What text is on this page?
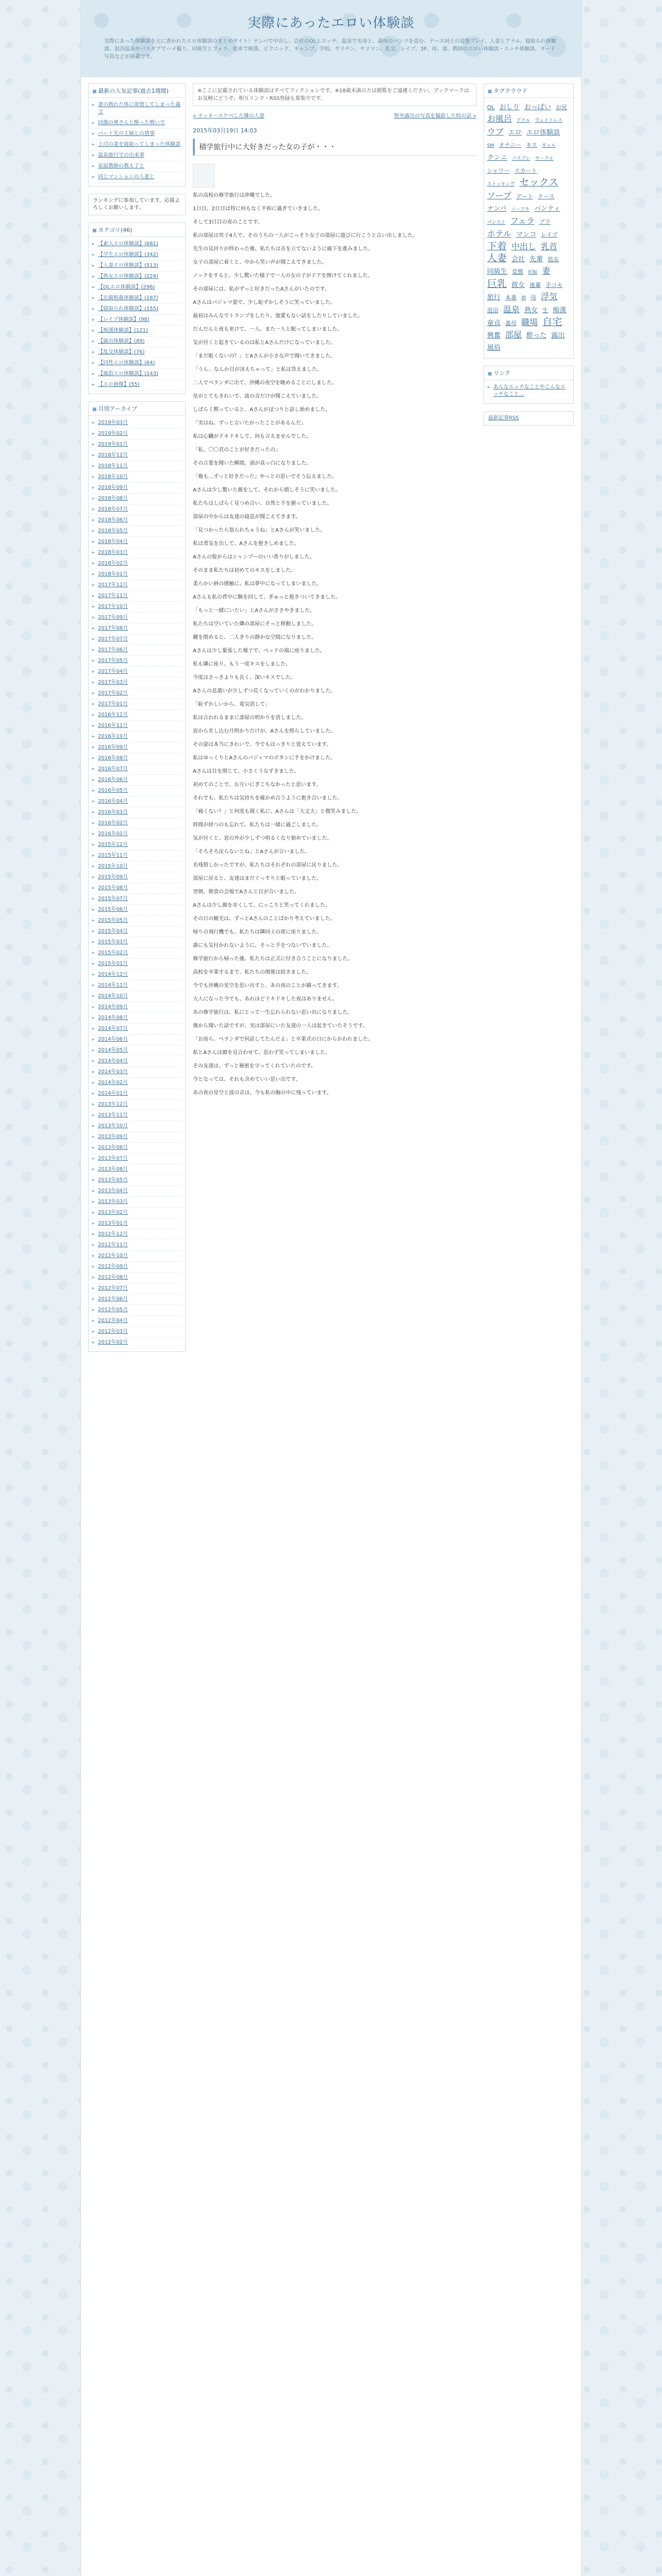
実際にあったエロい体験談
実際にあった体験談を元に書かれたエロ体験談のまとめサイト！ナンパで中出し、会社のOLとエッチ、温泉で実母と、義母のパンツを盗む、ナース同士の変態プレイ、人妻とアナル、寝取られ体験談、混浴温泉やバスタブでハメ撮り、同級生とフェラ、電車で痴漢、ピクニック、キャンプ、学校、ヤリチン、ヤリマン、乱交、レイプ、3P、母、妻、教師のエロい体験談・エッチ体験談、ヌード写真などが満載です。
■ 最新の人気記事(過去1週間)
▸ 妻の熟れた体に欲情してしまった義父
▸ 同僚の奥さんと酔った勢いで
▸ パート先の主婦との情事
▸ 上司の妻を寝取ってしまった体験談
▸ 温泉旅行での出来事
▸ 家庭教師の教え子と
▸ 同じマンションの人妻と
ランキングに参加しています。応援よろしくお願いします。
■ カテゴリ(46)
▸ 【素人エロ体験談】(681)
▸ 【学生エロ体験談】(342)
▸ 【人妻エロ体験談】(513)
▸ 【熟女エロ体験談】(224)
▸ 【OLエロ体験談】(296)
▸ 【近親相姦体験談】(187)
▸ 【寝取られ体験談】(155)
▸ 【レイプ体験談】(98)
▸ 【痴漢体験談】(121)
▸ 【露出体験談】(89)
▸ 【乱交体験談】(76)
▸ 【同性エロ体験談】(64)
▸ 【風俗エロ体験談】(143)
▸ 【エロ画像】(55)
■ 月別アーカイブ
▸ 2019年03月
▸ 2019年02月
▸ 2019年01月
▸ 2018年12月
▸ 2018年11月
▸ 2018年10月
▸ 2018年09月
▸ 2018年08月
▸ 2018年07月
▸ 2018年06月
▸ 2018年05月
▸ 2018年04月
▸ 2018年03月
▸ 2018年02月
▸ 2018年01月
▸ 2017年12月
▸ 2017年11月
▸ 2017年10月
▸ 2017年09月
▸ 2017年08月
▸ 2017年07月
▸ 2017年06月
▸ 2017年05月
▸ 2017年04月
▸ 2017年03月
▸ 2017年02月
▸ 2017年01月
▸ 2016年12月
▸ 2016年11月
▸ 2016年10月
▸ 2016年09月
▸ 2016年08月
▸ 2016年07月
▸ 2016年06月
▸ 2016年05月
▸ 2016年04月
▸ 2016年03月
▸ 2016年02月
▸ 2016年01月
▸ 2015年12月
▸ 2015年11月
▸ 2015年10月
▸ 2015年09月
▸ 2015年08月
▸ 2015年07月
▸ 2015年06月
▸ 2015年05月
▸ 2015年04月
▸ 2015年03月
▸ 2015年02月
▸ 2015年01月
▸ 2014年12月
▸ 2014年11月
▸ 2014年10月
▸ 2014年09月
▸ 2014年08月
▸ 2014年07月
▸ 2014年06月
▸ 2014年05月
▸ 2014年04月
▸ 2014年03月
▸ 2014年02月
▸ 2014年01月
▸ 2013年12月
▸ 2013年11月
▸ 2013年10月
▸ 2013年09月
▸ 2013年08月
▸ 2013年07月
▸ 2013年06月
▸ 2013年05月
▸ 2013年04月
▸ 2013年03月
▸ 2013年02月
▸ 2013年01月
▸ 2012年12月
▸ 2012年11月
▸ 2012年10月
▸ 2012年09月
▸ 2012年08月
▸ 2012年07月
▸ 2012年06月
▸ 2012年05月
▸ 2012年04月
▸ 2012年03月
▸ 2012年02月
※ここに記載されている体験談はすべてフィクションです。※18歳未満の方は閲覧をご遠慮ください。ブックマークはお気軽にどうぞ。相互リンク・RSS登録も募集中です。
« ラッキースケベした隣の人妻	野外露出の写真を撮影した時の話 »
2015年03月19日 14:03
積学旅行中に大好きだった女の子が・・・

私の高校の修学旅行は沖縄でした。

1日目、2日目は特に何もなく平和に過ぎていきました。

そして3日目の夜のことです。

私の部屋は男子4人で、そのうちの一人がこっそり女子の部屋に遊びに行こうと言い出しました。

先生の見回りが終わった後、私たちは音を立てないように廊下を進みました。

女子の部屋に着くと、中から笑い声が聞こえてきました。

ノックをすると、少し驚いた様子で一人の女の子がドアを開けてくれました。

その部屋には、私がずっと好きだったAさんがいたのです。

Aさんはパジャマ姿で、少し恥ずかしそうに笑っていました。

最初はみんなでトランプをしたり、他愛もない話をしたりしていました。

だんだんと夜も更けて、一人、また一人と眠ってしまいました。

気が付くと起きているのは私とAさんだけになっていました。

「まだ眠くないの？」とAさんが小さな声で聞いてきました。

「うん、なんか目が冴えちゃって」と私は答えました。

二人でベランダに出て、沖縄の夜空を眺めることにしました。

星がとてもきれいで、波の音だけが聞こえていました。

しばらく黙っていると、Aさんがぽつりと話し始めました。

「実はね、ずっと言いたかったことがあるんだ」

私は心臓がドキドキして、何も言えませんでした。

「私、〇〇君のことが好きだったの」

その言葉を聞いた瞬間、頭が真っ白になりました。

「俺も…ずっと好きだった」やっとの思いでそう伝えました。

Aさんは少し驚いた顔をして、それから嬉しそうに笑いました。

私たちはしばらく見つめ合い、自然と手を握っていました。

部屋の中からは友達の寝息が聞こえてきます。

「見つかったら怒られちゃうね」とAさんが笑いました。

私は勇気を出して、Aさんを抱きしめました。

Aさんの髪からはシャンプーのいい香りがしました。

そのまま私たちは初めてのキスをしました。

柔らかい唇の感触に、私は夢中になってしまいました。

Aさんも私の背中に腕を回して、ぎゅっと抱きついてきました。

「もっと一緒にいたい」とAさんがささやきました。

私たちは空いていた隣の部屋にそっと移動しました。

鍵を閉めると、二人きりの静かな空間になりました。

Aさんは少し緊張した様子で、ベッドの端に座りました。

私も隣に座り、もう一度キスをしました。

今度はさっきよりも長く、深いキスでした。

Aさんの息遣いが少しずつ荒くなっていくのがわかりました。

「恥ずかしいから、電気消して」

私は言われるままに部屋の明かりを消しました。

窓から差し込む月明かりだけが、Aさんを照らしていました。

その姿は本当にきれいで、今でもはっきりと覚えています。

私はゆっくりとAさんのパジャマのボタンに手をかけました。

Aさんは目を閉じて、小さくうなずきました。

初めてのことで、お互いにぎこちなかったと思います。

それでも、私たちは気持ちを確かめ合うように抱き合いました。

「痛くない？」と何度も聞く私に、Aさんは「大丈夫」と微笑みました。

時間が経つのも忘れて、私たちは一緒に過ごしました。

気が付くと、窓の外が少しずつ明るくなり始めていました。

「そろそろ戻らないとね」とAさんが言いました。

名残惜しかったですが、私たちはそれぞれの部屋に戻りました。

部屋に戻ると、友達はまだぐっすりと眠っていました。

翌朝、朝食の会場でAさんと目が合いました。

Aさんは少し顔を赤くして、にっこりと笑ってくれました。

その日の観光は、ずっとAさんのことばかり考えていました。

帰りの飛行機でも、私たちは隣同士の席に座りました。

誰にも気付かれないように、そっと手をつないでいました。

修学旅行から帰った後、私たちは正式に付き合うことになりました。

高校を卒業するまで、私たちの関係は続きました。

今でも沖縄の星空を思い出すと、あの夜のことが蘇ってきます。

大人になった今でも、あれほどドキドキした夜はありません。

あの修学旅行は、私にとって一生忘れられない思い出になりました。

後から聞いた話ですが、実は部屋にいた友達の一人は起きていたそうです。

「お前ら、ベランダで何話してたんだよ」と卒業式の日にからかわれました。

私とAさんは顔を見合わせて、思わず笑ってしまいました。

その友達は、ずっと秘密を守ってくれていたのです。

今となっては、それも含めていい思い出です。

あの夜の星空と波の音は、今も私の胸の中に残っています。

■ タグクラウド
OL おしり おっぱい お尻 お風呂 アナル ウェイトレス ウブ エロ エロ体験談 SM オナニー キス ギャル クンニ コスプレ サークル シャワー スカート ストッキング セックス ソープ デート ナース ナンパ ノーブラ パンティ パンスト フェラ ブラ ホテル マンコ レイプ 下着 中出し 乳首 人妻 会社 先輩 処女 同級生 変態 妊娠 妻 巨乳 彼女 後輩 手コキ 旅行 本番 朝 母 浮気 混浴 温泉 熟女 生 痴漢 童貞 義母 職場 自宅 興奮 部屋 酔った 露出 風俗
■ リンク
▸ あんなエッチなことやこんなエッチなこと…
最新記事RSS
